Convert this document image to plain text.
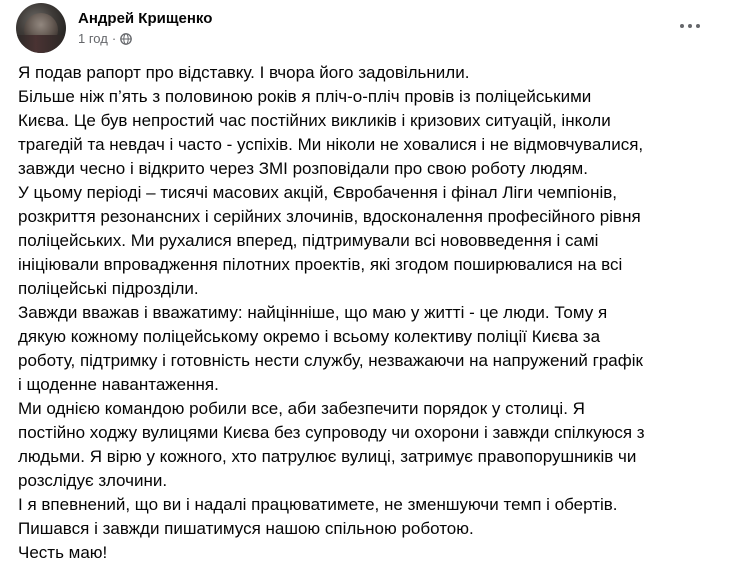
Андрей Крищенко
1 год ·
Я подав рапорт про відставку. І вчора його задовільнили.
Більше ніж п’ять з половиною років я пліч-о-пліч провів із поліцейськими
Києва. Це був непростий час постійних викликів і кризових ситуацій, інколи
трагедій та невдач і часто - успіхів. Ми ніколи не ховалися і не відмовчувалися,
завжди чесно і відкрито через ЗМІ розповідали про свою роботу людям.
У цьому періоді – тисячі масових акцій, Євробачення і фінал Ліги чемпіонів,
розкриття резонансних і серійних злочинів, вдосконалення професійного рівня
поліцейських. Ми рухалися вперед, підтримували всі нововведення і самі
ініціювали впровадження пілотних проектів, які згодом поширювалися на всі
поліцейські підрозділи.
Завжди вважав і вважатиму: найцінніше, що маю у житті - це люди. Тому я
дякую кожному поліцейському окремо і всьому колективу поліції Києва за
роботу, підтримку і готовність нести службу, незважаючи на напружений графік
і щоденне навантаження.
Ми однією командою робили все, аби забезпечити порядок у столиці. Я
постійно ходжу вулицями Києва без супроводу чи охорони і завжди спілкуюся з
людьми. Я вірю у кожного, хто патрулює вулиці, затримує правопорушників чи
розслідує злочини.
І я впевнений, що ви і надалі працюватимете, не зменшуючи темп і обертів.
Пишався і завжди пишатимуся нашою спільною роботою.
Честь маю!
